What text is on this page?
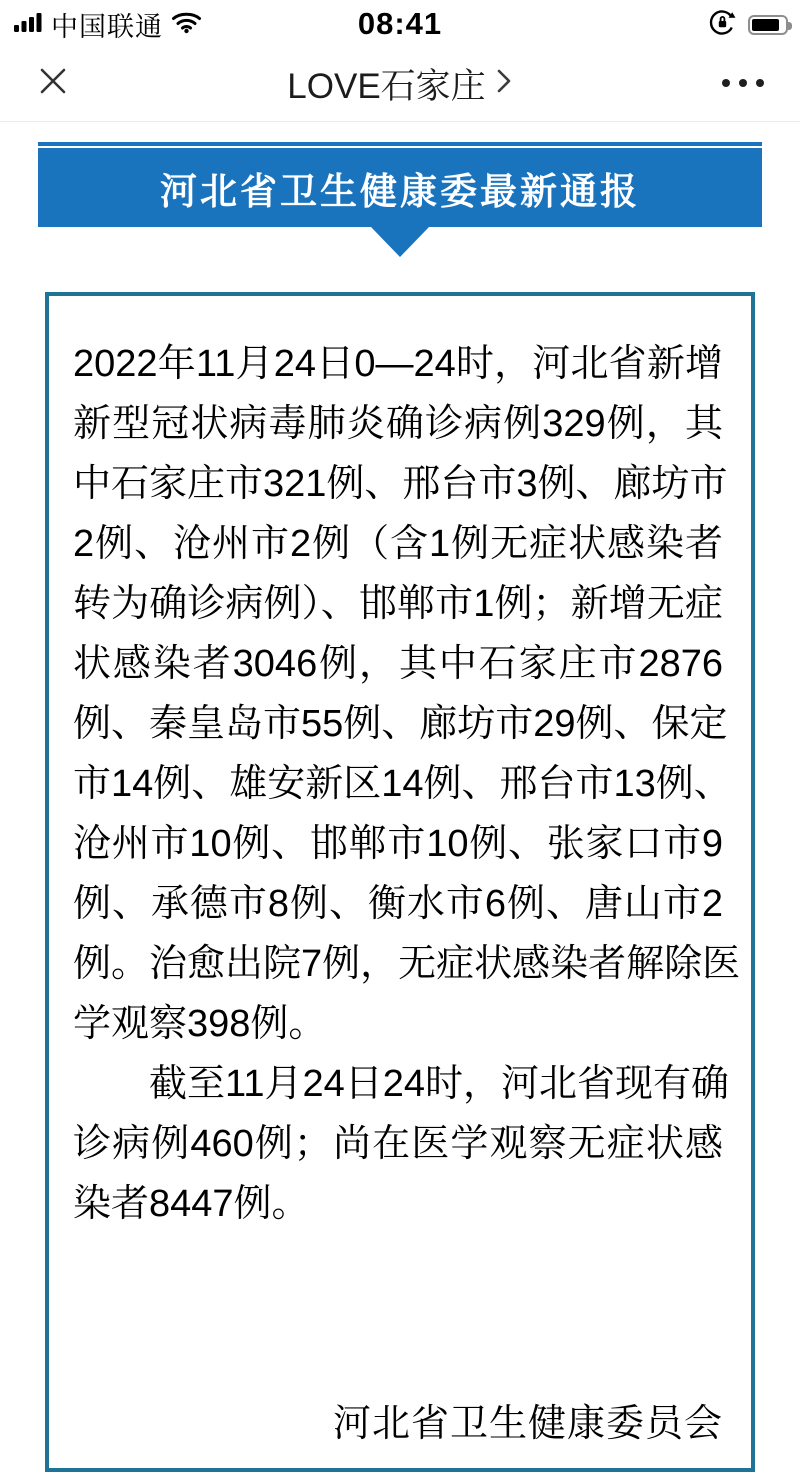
中国联通	08:41
LOVE石家庄
河北省卫生健康委最新通报
2022年11月24日0—24时，河北省新增
新型冠状病毒肺炎确诊病例329例，其
中石家庄市321例、邢台市3例、廊坊市
2例、沧州市2例（含1例无症状感染者
转为确诊病例）、邯郸市1例；新增无症
状感染者3046例，其中石家庄市2876
例、秦皇岛市55例、廊坊市29例、保定
市14例、雄安新区14例、邢台市13例、
沧州市10例、邯郸市10例、张家口市9
例、承德市8例、衡水市6例、唐山市2
例。治愈出院7例，无症状感染者解除医
学观察398例。
截至11月24日24时，河北省现有确
诊病例460例；尚在医学观察无症状感
染者8447例。
河北省卫生健康委员会
